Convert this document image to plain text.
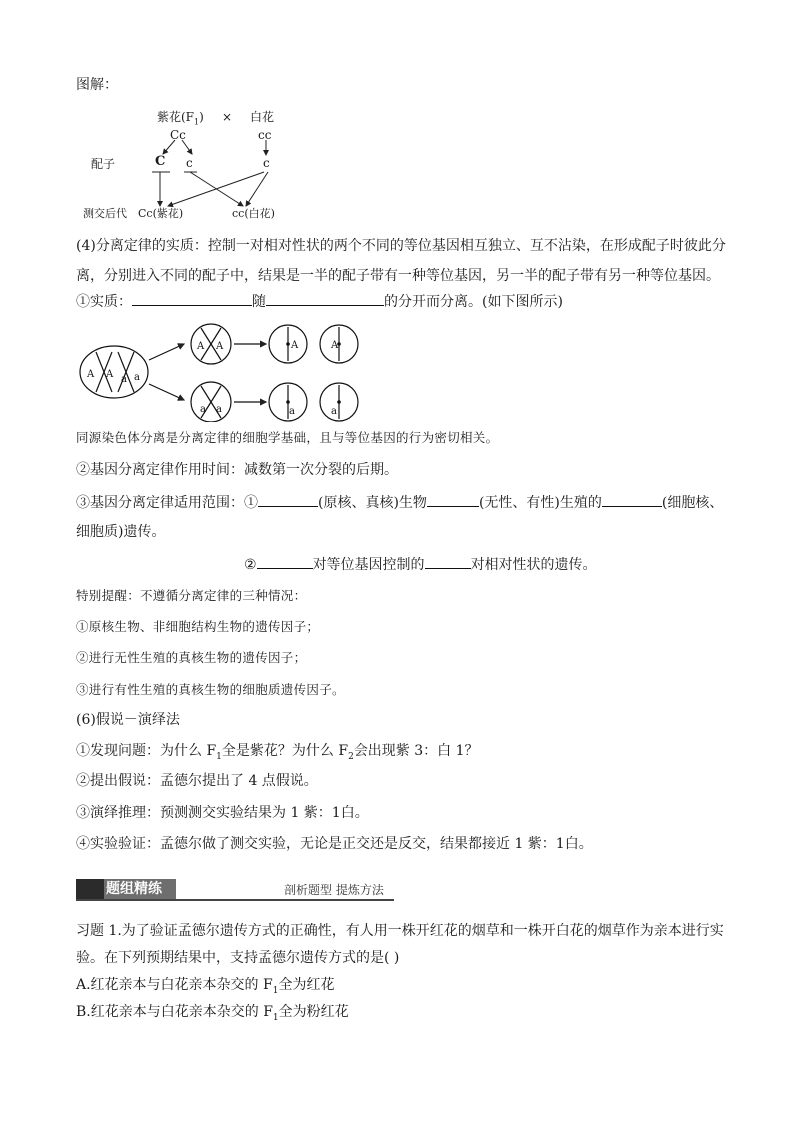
图解：
紫花$(F_1)$ × 白花
Cc	cc
配子	C c	c
测交后代 Cc(紫花)	cc(白花)
(4)分离定律的实质：控制一对相对性状的两个不同的等位基因相互独立、互不沾染，在形成配子时彼此分
离，分别进入不同的配子中，结果是一半的配子带有一种等位基因，另一半的配子带有另一种等位基因。
①实质：	随	的分开而分离。(如下图所示)
A A a a
A A
a a
A	A
a	a
同源染色体分离是分离定律的细胞学基础，且与等位基因的行为密切相关。
②基因分离定律作用时间：减数第一次分裂的后期。
③基因分离定律适用范围：①	(原核、真核)生物	(无性、有性)生殖的	(细胞核、
细胞质)遗传。
②	对等位基因控制的	对相对性状的遗传。
特别提醒：不遵循分离定律的三种情况：
①原核生物、非细胞结构生物的遗传因子；
②进行无性生殖的真核生物的遗传因子；
③进行有性生殖的真核生物的细胞质遗传因子。
(6)假说－演绎法
①发现问题：为什么 $F_1$全是紫花？为什么 $F_2$会出现紫 3：白 1？
②提出假说：孟德尔提出了 4 点假说。
③演绎推理：预测测交实验结果为 1 紫：1白。
④实验验证：孟德尔做了测交实验，无论是正交还是反交，结果都接近 1 紫：1白。
题组精练	剖析题型 提炼方法
习题 1.为了验证孟德尔遗传方式的正确性，有人用一株开红花的烟草和一株开白花的烟草作为亲本进行实
验。在下列预期结果中，支持孟德尔遗传方式的是( )
A.红花亲本与白花亲本杂交的 $F_1$全为红花
B.红花亲本与白花亲本杂交的 $F_1$全为粉红花
